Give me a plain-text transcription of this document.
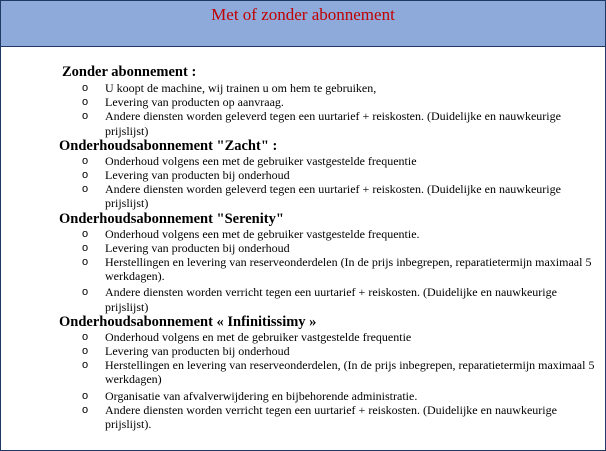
Met of zonder abonnement

Zonder abonnement :

o U koopt de machine, wij trainen u om hem te gebruiken,
o Levering van producten op aanvraag.
o Andere diensten worden geleverd tegen een uurtarief + reiskosten. (Duidelijke en nauwkeurige prijslijst)

Onderhoudsabonnement "Zacht" :

o Onderhoud volgens een met de gebruiker vastgestelde frequentie
o Levering van producten bij onderhoud
o Andere diensten worden geleverd tegen een uurtarief + reiskosten. (Duidelijke en nauwkeurige prijslijst)

Onderhoudsabonnement "Serenity"

o Onderhoud volgens een met de gebruiker vastgestelde frequentie.
o Levering van producten bij onderhoud
o Herstellingen en levering van reserveonderdelen (In de prijs inbegrepen, reparatietermijn maximaal 5 werkdagen).
o Andere diensten worden verricht tegen een uurtarief + reiskosten. (Duidelijke en nauwkeurige prijslijst)

Onderhoudsabonnement « Infinitissimy »

o Onderhoud volgens en met de gebruiker vastgestelde frequentie
o Levering van producten bij onderhoud
o Herstellingen en levering van reserveonderdelen, (In de prijs inbegrepen, reparatietermijn maximaal 5 werkdagen)
o Organisatie van afvalverwijdering en bijbehorende administratie.
o Andere diensten worden verricht tegen een uurtarief + reiskosten. (Duidelijke en nauwkeurige prijslijst).
